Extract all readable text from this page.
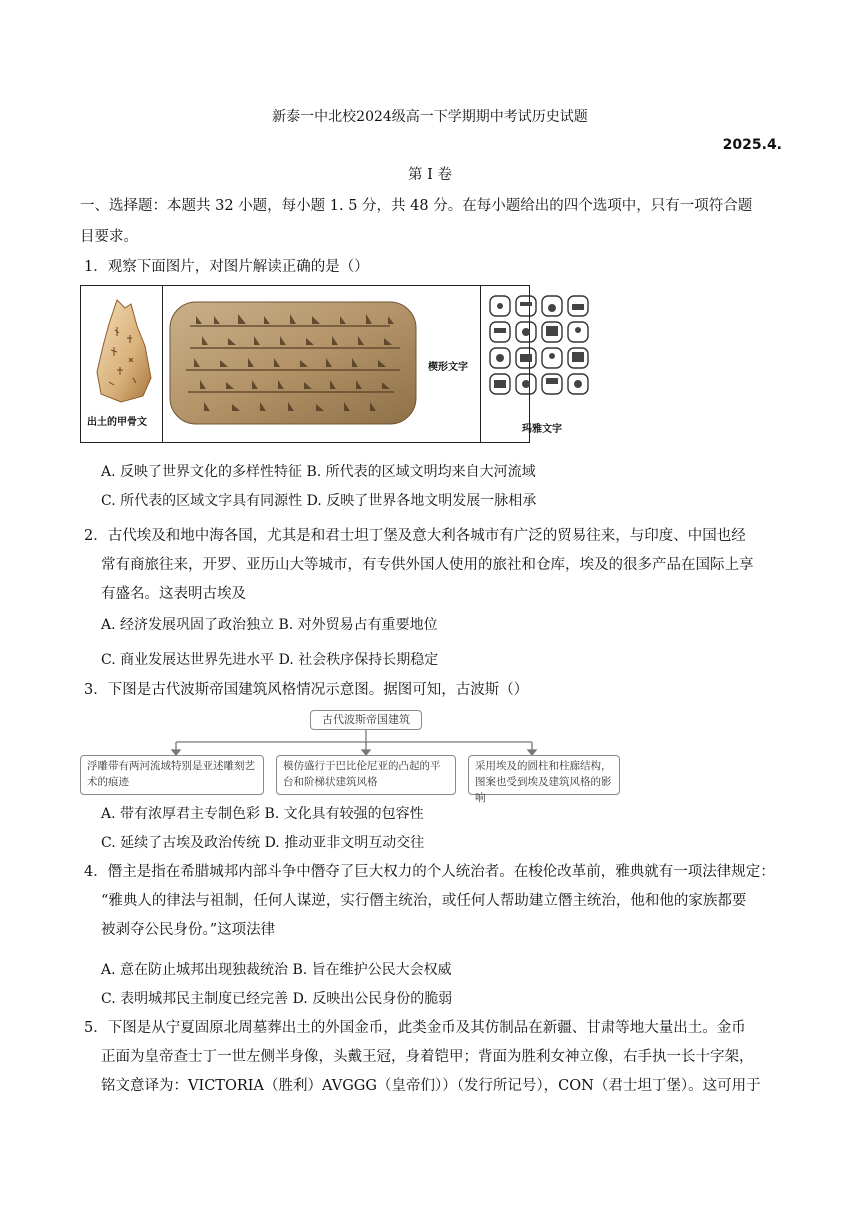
新泰一中北校2024级高一下学期期中考试历史试题
2025.4.
第 I 卷
一、选择题：本题共 32 小题，每小题 1. 5 分，共 48 分。在每小题给出的四个选项中，只有一项符合题
目要求。
1．观察下面图片，对图片解读正确的是（）
出土的甲骨文
楔形文字
玛雅文字
A. 反映了世界文化的多样性特征 B. 所代表的区域文明均来自大河流域
C. 所代表的区域文字具有同源性 D. 反映了世界各地文明发展一脉相承
2．古代埃及和地中海各国，尤其是和君士坦丁堡及意大利各城市有广泛的贸易往来，与印度、中国也经
常有商旅往来，开罗、亚历山大等城市，有专供外国人使用的旅社和仓库，埃及的很多产品在国际上享
有盛名。这表明古埃及
A. 经济发展巩固了政治独立 B. 对外贸易占有重要地位
C. 商业发展达世界先进水平 D. 社会秩序保持长期稳定
3．下图是古代波斯帝国建筑风格情况示意图。据图可知，古波斯（）
古代波斯帝国建筑
浮雕带有两河流域特别是亚述雕刻艺术的痕迹
模仿盛行于巴比伦尼亚的凸起的平台和阶梯状建筑风格
采用埃及的圆柱和柱廊结构，图案也受到埃及建筑风格的影响
A. 带有浓厚君主专制色彩 B. 文化具有较强的包容性
C. 延续了古埃及政治传统 D. 推动亚非文明互动交往
4．僭主是指在希腊城邦内部斗争中僭夺了巨大权力的个人统治者。在梭伦改革前，雅典就有一项法律规定：
“雅典人的律法与祖制，任何人谋逆，实行僭主统治，或任何人帮助建立僭主统治，他和他的家族都要
被剥夺公民身份。”这项法律
A. 意在防止城邦出现独裁统治 B. 旨在维护公民大会权威
C. 表明城邦民主制度已经完善 D. 反映出公民身份的脆弱
5．下图是从宁夏固原北周墓葬出土的外国金币，此类金币及其仿制品在新疆、甘肃等地大量出土。金币
正面为皇帝查士丁一世左侧半身像，头戴王冠，身着铠甲；背面为胜利女神立像，右手执一长十字架，
铭文意译为：VICTORIA（胜利）AVGGG（皇帝们））（发行所记号），CON（君士坦丁堡）。这可用于
